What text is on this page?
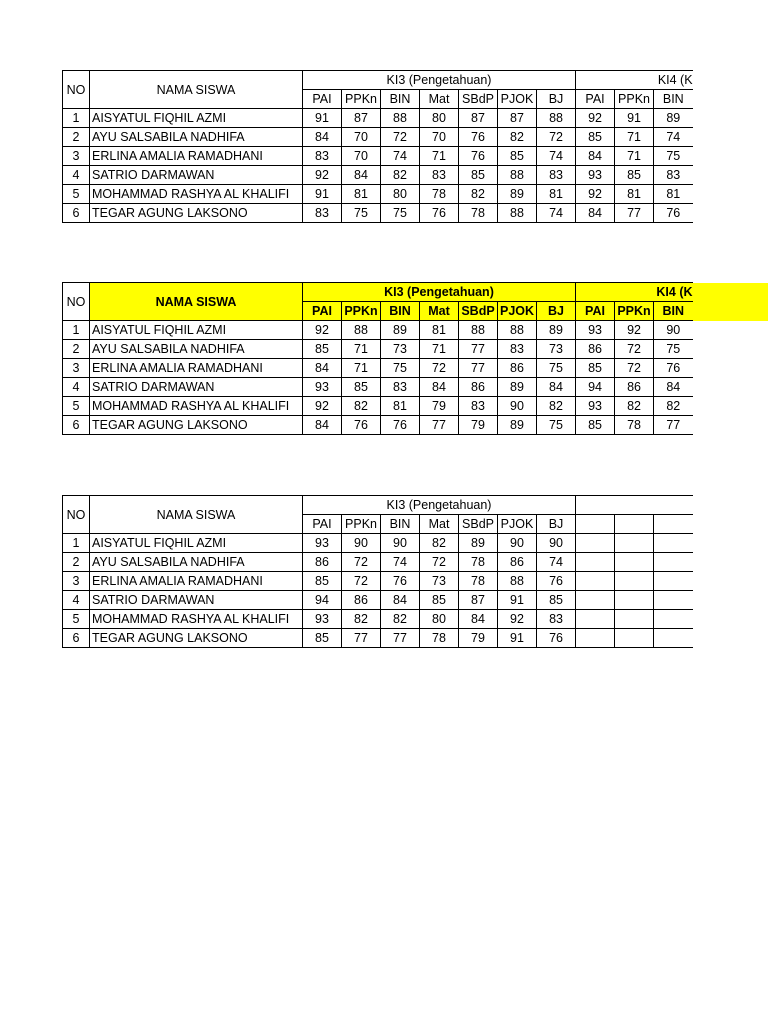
NO	NAMA SISWA	KI3 (Pengetahuan)							KI4 (K			
		PAI	PPKn	BIN	Mat	SBdP	PJOK	BJ	PAI	PPKn	BIN	
1	AISYATUL FIQHIL AZMI	91	87	88	80	87	87	88	92	91	89	
2	AYU SALSABILA NADHIFA	84	70	72	70	76	82	72	85	71	74	
3	ERLINA AMALIA RAMADHANI	83	70	74	71	76	85	74	84	71	75	
4	SATRIO DARMAWAN	92	84	82	83	85	88	83	93	85	83	
5	MOHAMMAD RASHYA AL KHALIFI	91	81	80	78	82	89	81	92	81	81	
6	TEGAR AGUNG LAKSONO	83	75	75	76	78	88	74	84	77	76	
NO	NAMA SISWA	KI3 (Pengetahuan)							KI4 (K			
		PAI	PPKn	BIN	Mat	SBdP	PJOK	BJ	PAI	PPKn	BIN	
1	AISYATUL FIQHIL AZMI	92	88	89	81	88	88	89	93	92	90	
2	AYU SALSABILA NADHIFA	85	71	73	71	77	83	73	86	72	75	
3	ERLINA AMALIA RAMADHANI	84	71	75	72	77	86	75	85	72	76	
4	SATRIO DARMAWAN	93	85	83	84	86	89	84	94	86	84	
5	MOHAMMAD RASHYA AL KHALIFI	92	82	81	79	83	90	82	93	82	82	
6	TEGAR AGUNG LAKSONO	84	76	76	77	79	89	75	85	78	77	
NO	NAMA SISWA	KI3 (Pengetahuan)										
		PAI	PPKn	BIN	Mat	SBdP	PJOK	BJ				
1	AISYATUL FIQHIL AZMI	93	90	90	82	89	90	90				
2	AYU SALSABILA NADHIFA	86	72	74	72	78	86	74				
3	ERLINA AMALIA RAMADHANI	85	72	76	73	78	88	76				
4	SATRIO DARMAWAN	94	86	84	85	87	91	85				
5	MOHAMMAD RASHYA AL KHALIFI	93	82	82	80	84	92	83				
6	TEGAR AGUNG LAKSONO	85	77	77	78	79	91	76				
